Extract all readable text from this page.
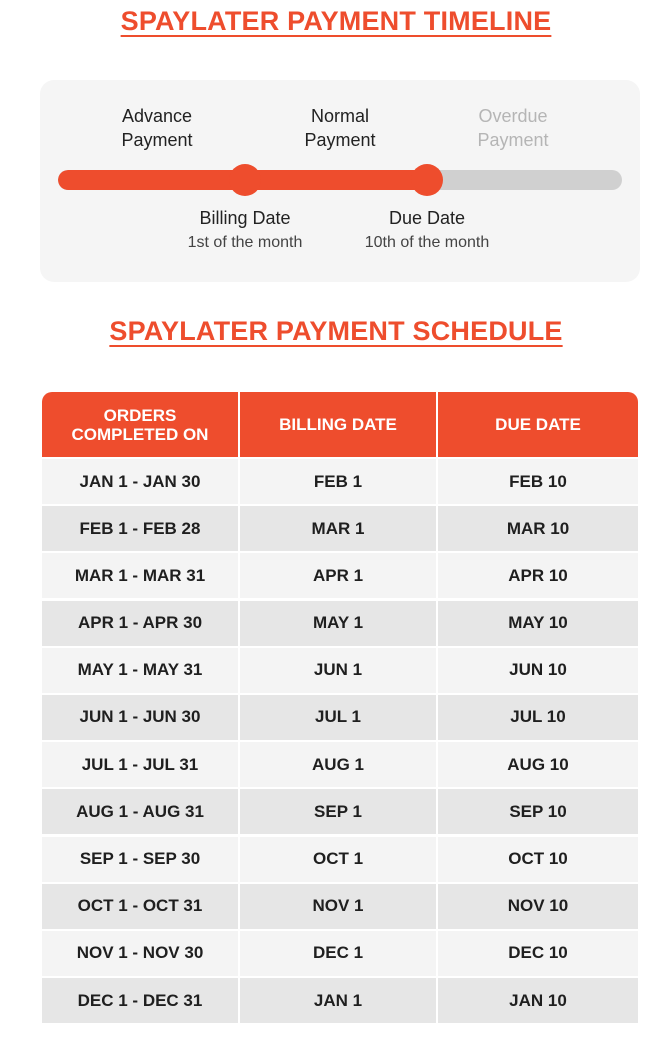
SPAYLATER PAYMENT TIMELINE
Advance
Payment
Normal
Payment
Overdue
Payment
Billing Date
1st of the month
Due Date
10th of the month
SPAYLATER PAYMENT SCHEDULE
ORDERS COMPLETED ON	BILLING DATE	DUE DATE
JAN 1 - JAN 30	FEB 1	FEB 10
FEB 1 - FEB 28	MAR 1	MAR 10
MAR 1 - MAR 31	APR 1	APR 10
APR 1 - APR 30	MAY 1	MAY 10
MAY 1 - MAY 31	JUN 1	JUN 10
JUN 1 - JUN 30	JUL 1	JUL 10
JUL 1 - JUL 31	AUG 1	AUG 10
AUG 1 - AUG 31	SEP 1	SEP 10
SEP 1 - SEP 30	OCT 1	OCT 10
OCT 1 - OCT 31	NOV 1	NOV 10
NOV 1 - NOV 30	DEC 1	DEC 10
DEC 1 - DEC 31	JAN 1	JAN 10
